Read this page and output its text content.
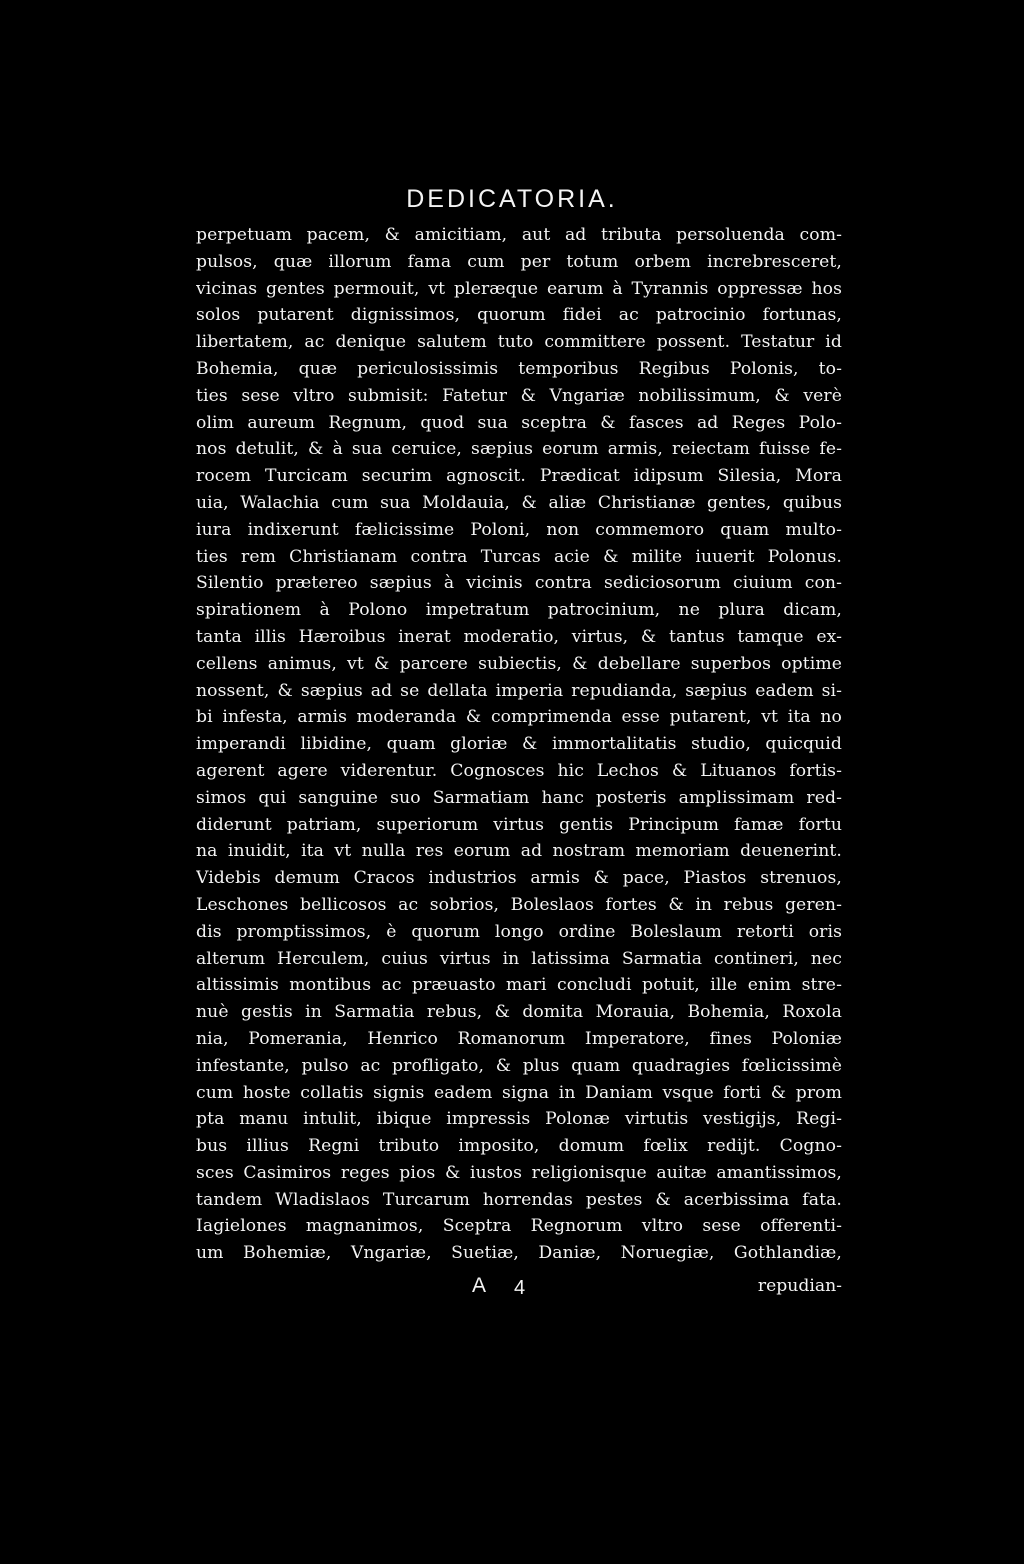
DEDICATORIA.
perpetuam pacem, & amicitiam, aut ad tributa persoluenda com-
pulsos, quæ illorum fama cum per totum orbem increbresceret,
vicinas gentes permouit, vt pleræque earum à Tyrannis oppressæ hos
solos putarent dignissimos, quorum fidei ac patrocinio fortunas,
libertatem, ac denique salutem tuto committere possent. Testatur id
Bohemia, quæ periculosissimis temporibus Regibus Polonis, to-
ties sese vltro submisit: Fatetur & Vngariæ nobilissimum, & verè
olim aureum Regnum, quod sua sceptra & fasces ad Reges Polo-
nos detulit, & à sua ceruice, sæpius eorum armis, reiectam fuisse fe-
rocem Turcicam securim agnoscit. Prædicat idipsum Silesia, Mora
uia, Walachia cum sua Moldauia, & aliæ Christianæ gentes, quibus
iura indixerunt fælicissime Poloni, non commemoro quam multo-
ties rem Christianam contra Turcas acie & milite iuuerit Polonus.
Silentio prætereo sæpius à vicinis contra sediciosorum ciuium con-
spirationem à Polono impetratum patrocinium, ne plura dicam,
tanta illis Hæroibus inerat moderatio, virtus, & tantus tamque ex-
cellens animus, vt & parcere subiectis, & debellare superbos optime
nossent, & sæpius ad se dellata imperia repudianda, sæpius eadem si-
bi infesta, armis moderanda & comprimenda esse putarent, vt ita no
imperandi libidine, quam gloriæ & immortalitatis studio, quicquid
agerent agere viderentur. Cognosces hic Lechos & Lituanos fortis-
simos qui sanguine suo Sarmatiam hanc posteris amplissimam red-
diderunt patriam, superiorum virtus gentis Principum famæ fortu
na inuidit, ita vt nulla res eorum ad nostram memoriam deuenerint.
Videbis demum Cracos industrios armis & pace, Piastos strenuos,
Leschones bellicosos ac sobrios, Boleslaos fortes & in rebus geren-
dis promptissimos, è quorum longo ordine Boleslaum retorti oris
alterum Herculem, cuius virtus in latissima Sarmatia contineri, nec
altissimis montibus ac præuasto mari concludi potuit, ille enim stre-
nuè gestis in Sarmatia rebus, & domita Morauia, Bohemia, Roxola
nia, Pomerania, Henrico Romanorum Imperatore, fines Poloniæ
infestante, pulso ac profligato, & plus quam quadragies fœlicissimè
cum hoste collatis signis eadem signa in Daniam vsque forti & prom
pta manu intulit, ibique impressis Polonæ virtutis vestigijs, Regi-
bus illius Regni tributo imposito, domum fœlix redijt. Cogno-
sces Casimiros reges pios & iustos religionisque auitæ amantissimos,
tandem Wladislaos Turcarum horrendas pestes & acerbissima fata.
Iagielones magnanimos, Sceptra Regnorum vltro sese offerenti-
um Bohemiæ, Vngariæ, Suetiæ, Daniæ, Noruegiæ, Gothlandiæ,
A 4	repudian-
